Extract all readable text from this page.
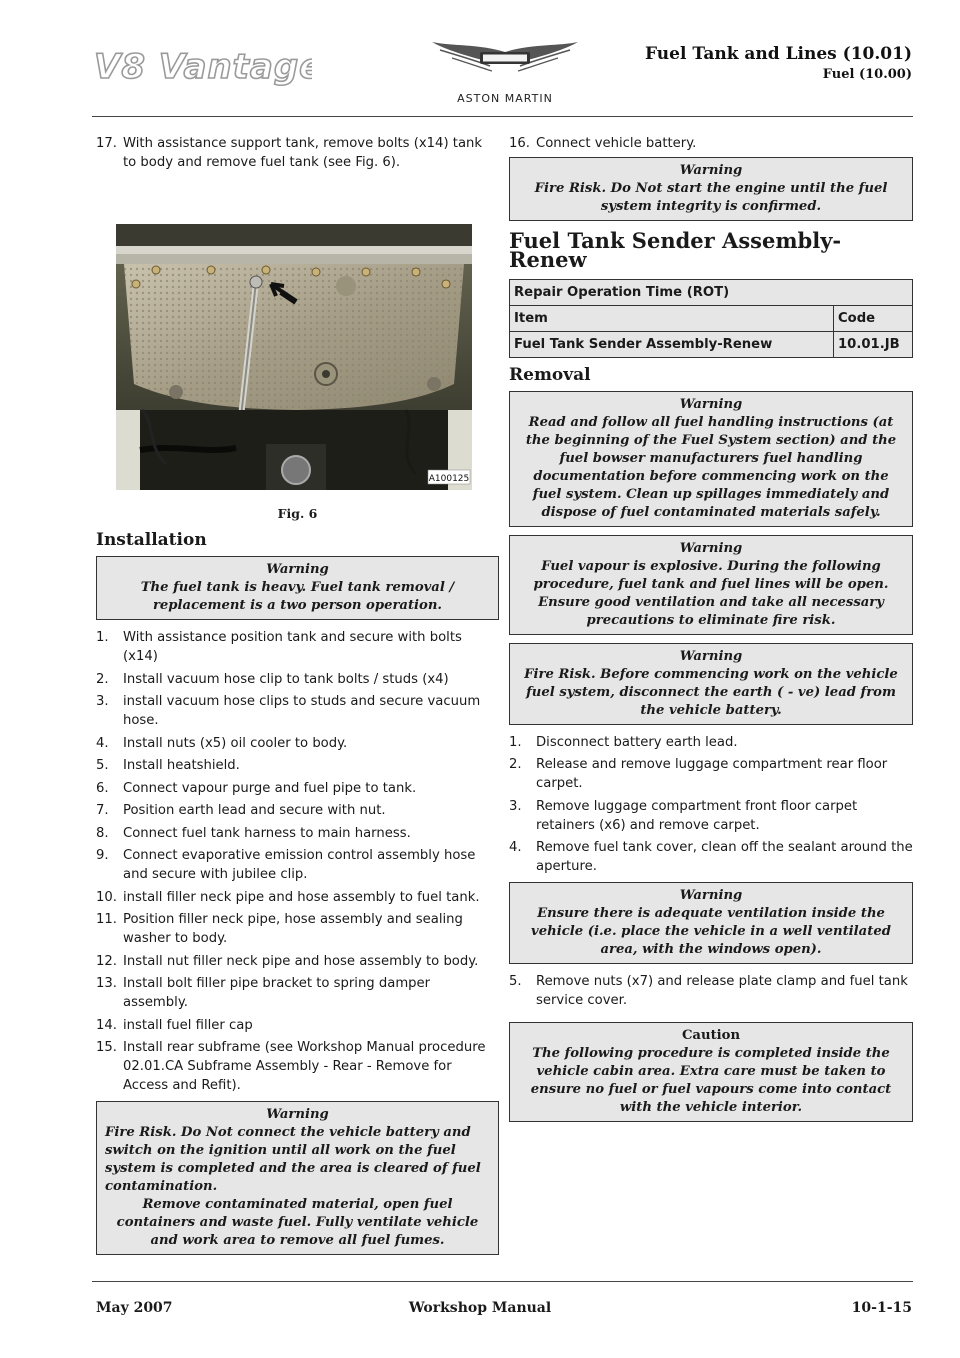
V8 Vantage
ASTON MARTIN
Fuel Tank and Lines (10.01)
Fuel (10.00)
17. With assistance support tank, remove bolts (x14) tank to body and remove fuel tank (see Fig. 6).
A100125
Fig. 6
Installation
Warning
The fuel tank is heavy. Fuel tank removal / replacement is a two person operation.
1. With assistance position tank and secure with bolts (x14)
2. Install vacuum hose clip to tank bolts / studs (x4)
3. install vacuum hose clips to studs and secure vacuum hose.
4. Install nuts (x5) oil cooler to body.
5. Install heatshield.
6. Connect vapour purge and fuel pipe to tank.
7. Position earth lead and secure with nut.
8. Connect fuel tank harness to main harness.
9. Connect evaporative emission control assembly hose and secure with jubilee clip.
10. install filler neck pipe and hose assembly to fuel tank.
11. Position filler neck pipe, hose assembly and sealing washer to body.
12. Install nut filler neck pipe and hose assembly to body.
13. Install bolt filler pipe bracket to spring damper assembly.
14. install fuel filler cap
15. Install rear subframe (see Workshop Manual procedure 02.01.CA Subframe Assembly - Rear - Remove for Access and Refit).
Warning

Fire Risk. Do Not connect the vehicle battery and switch on the ignition until all work on the fuel system is completed and the area is cleared of fuel contamination.

Remove contaminated material, open fuel containers and waste fuel. Fully ventilate vehicle and work area to remove all fuel fumes.

16. Connect vehicle battery.
Warning
Fire Risk. Do Not start the engine until the fuel system integrity is confirmed.
Fuel Tank Sender Assembly-Renew
Repair Operation Time (ROT)	
Item	Code
Fuel Tank Sender Assembly-Renew	10.01.JB
Removal
Warning
Read and follow all fuel handling instructions (at the beginning of the Fuel System section) and the fuel bowser manufacturers fuel handling documentation before commencing work on the fuel system. Clean up spillages immediately and dispose of fuel contaminated materials safely.
Warning
Fuel vapour is explosive. During the following procedure, fuel tank and fuel lines will be open. Ensure good ventilation and take all necessary precautions to eliminate fire risk.
Warning
Fire Risk. Before commencing work on the vehicle fuel system, disconnect the earth ( - ve) lead from the vehicle battery.
1. Disconnect battery earth lead.
2. Release and remove luggage compartment rear floor carpet.
3. Remove luggage compartment front floor carpet retainers (x6) and remove carpet.
4. Remove fuel tank cover, clean off the sealant around the aperture.
Warning
Ensure there is adequate ventilation inside the vehicle (i.e. place the vehicle in a well ventilated area, with the windows open).
5. Remove nuts (x7) and release plate clamp and fuel tank service cover.
Caution
The following procedure is completed inside the vehicle cabin area. Extra care must be taken to ensure no fuel or fuel vapours come into contact with the vehicle interior.
May 2007	Workshop Manual	10-1-15
